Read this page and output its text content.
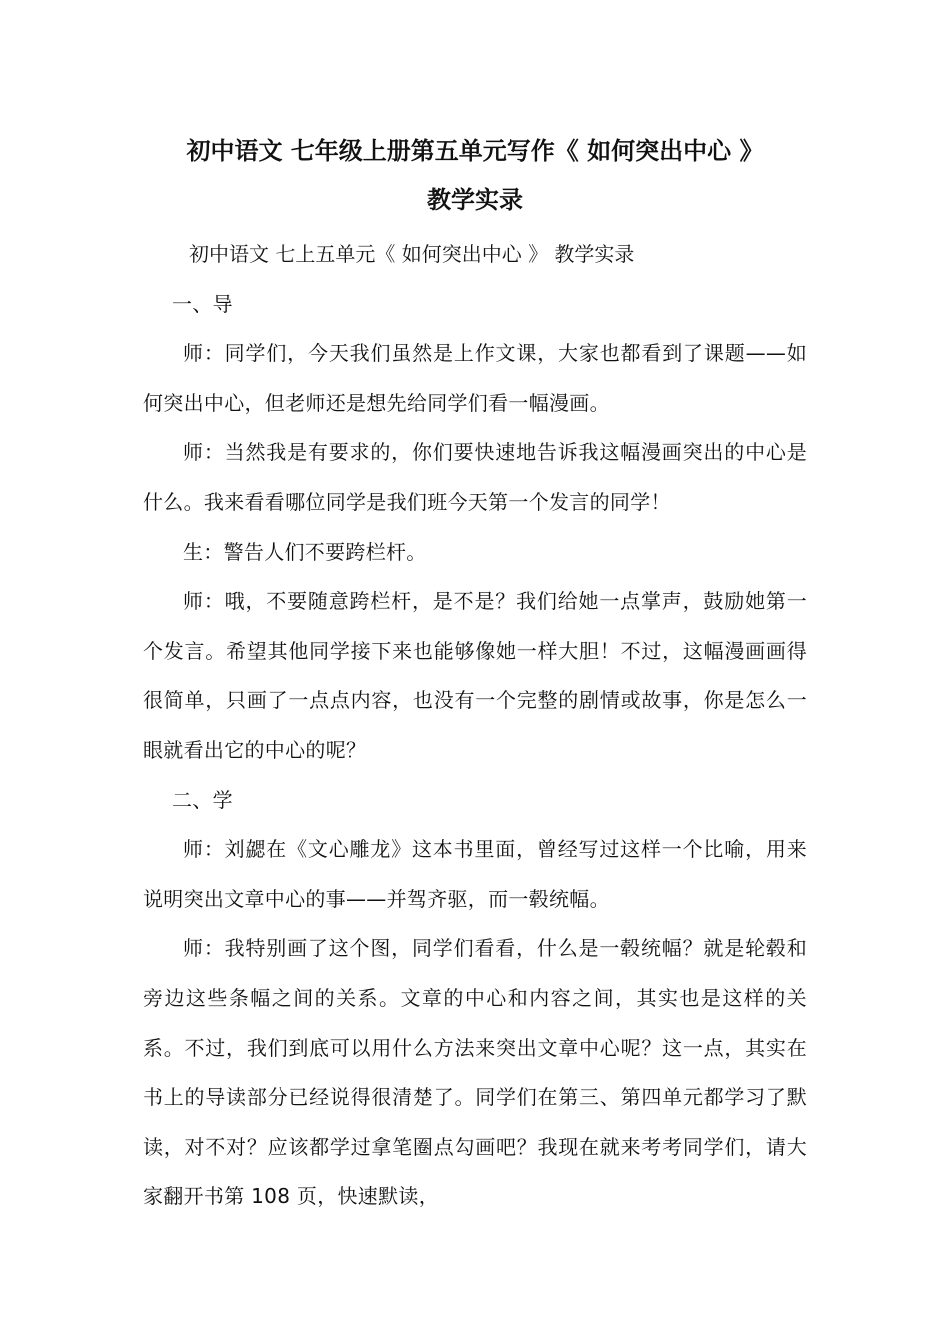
初中语文 七年级上册第五单元写作《 如何突出中心 》
教学实录

初中语文 七上五单元《 如何突出中心 》 教学实录

一、导

师：同学们，今天我们虽然是上作文课，大家也都看到了课题——如何突出中心，但老师还是想先给同学们看一幅漫画。

师：当然我是有要求的，你们要快速地告诉我这幅漫画突出的中心是什么。我来看看哪位同学是我们班今天第一个发言的同学！

生：警告人们不要跨栏杆。

师：哦，不要随意跨栏杆，是不是？我们给她一点掌声，鼓励她第一个发言。希望其他同学接下来也能够像她一样大胆！不过，这幅漫画画得很简单，只画了一点点内容，也没有一个完整的剧情或故事，你是怎么一眼就看出它的中心的呢？

二、学

师：刘勰在《文心雕龙》这本书里面，曾经写过这样一个比喻，用来说明突出文章中心的事——并驾齐驱，而一毂统幅。

师：我特别画了这个图，同学们看看，什么是一毂统幅？就是轮毂和旁边这些条幅之间的关系。文章的中心和内容之间，其实也是这样的关系。不过，我们到底可以用什么方法来突出文章中心呢？这一点，其实在书上的导读部分已经说得很清楚了。同学们在第三、第四单元都学习了默读，对不对？应该都学过拿笔圈点勾画吧？我现在就来考考同学们，请大家翻开书第 108 页，快速默读，
